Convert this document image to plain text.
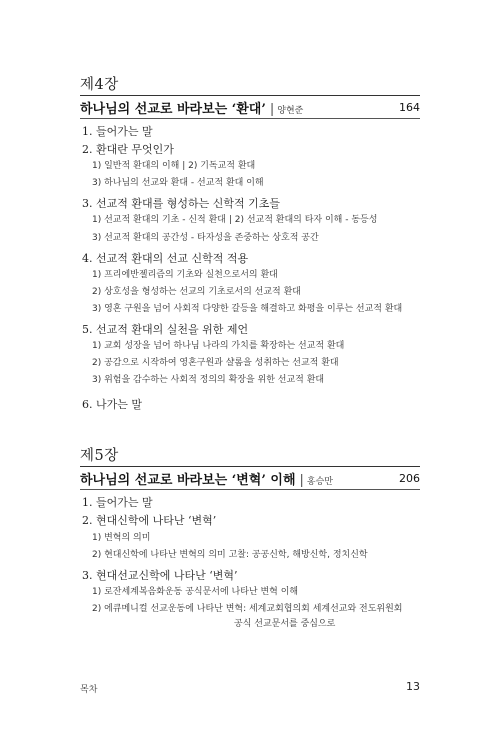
제4장
하나님의 선교로 바라보는 ‘환대’ | 양현준	164
1. 들어가는 말
2. 환대란 무엇인가
1) 일반적 환대의 이해 | 2) 기독교적 환대
3) 하나님의 선교와 환대 - 선교적 환대 이해
3. 선교적 환대를 형성하는 신학적 기초들
1) 선교적 환대의 기초 - 신적 환대 | 2) 선교적 환대의 타자 이해 - 동등성
3) 선교적 환대의 공간성 - 타자성을 존중하는 상호적 공간
4. 선교적 환대의 선교 신학적 적용
1) 프리에반젤리즘의 기초와 실천으로서의 환대
2) 상호성을 형성하는 선교의 기초로서의 선교적 환대
3) 영혼 구원을 넘어 사회적 다양한 갈등을 해결하고 화평을 이루는 선교적 환대
5. 선교적 환대의 실천을 위한 제언
1) 교회 성장을 넘어 하나님 나라의 가치를 확장하는 선교적 환대
2) 공감으로 시작하여 영혼구원과 샬롬을 성취하는 선교적 환대
3) 위험을 감수하는 사회적 정의의 확장을 위한 선교적 환대
6. 나가는 말
제5장
하나님의 선교로 바라보는 ‘변혁’ 이해 | 홍승만	206
1. 들어가는 말
2. 현대신학에 나타난 ‘변혁’
1) 변혁의 의미
2) 현대신학에 나타난 변혁의 의미 고찰: 공공신학, 해방신학, 정치신학
3. 현대선교신학에 나타난 ‘변혁’
1) 로잔세계복음화운동 공식문서에 나타난 변혁 이해
2) 에큐메니컬 선교운동에 나타난 변혁: 세계교회협의회 세계선교와 전도위원회
공식 선교문서를 중심으로
목차	13
